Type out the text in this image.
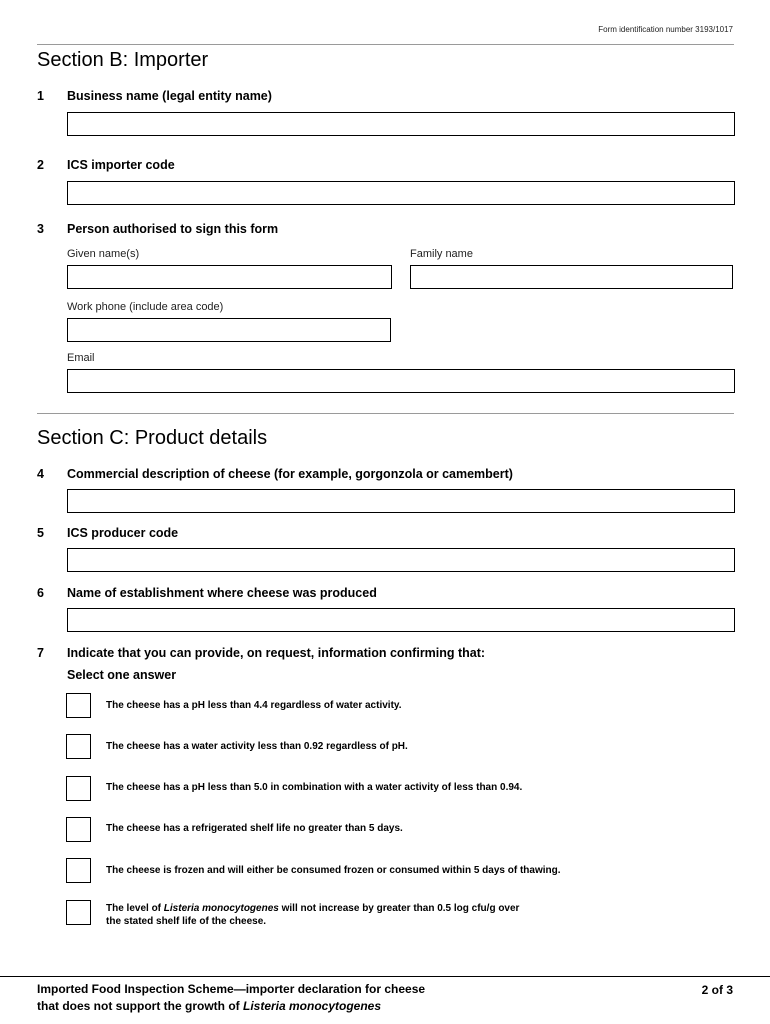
Form identification number 3193/1017
Section B: Importer
1 Business name (legal entity name)
2 ICS importer code
3 Person authorised to sign this form
Given name(s)	Family name
Work phone (include area code)
Email
Section C: Product details
4 Commercial description of cheese (for example, gorgonzola or camembert)
5 ICS producer code
6 Name of establishment where cheese was produced
7 Indicate that you can provide, on request, information confirming that:
Select one answer
The cheese has a pH less than 4.4 regardless of water activity.
The cheese has a water activity less than 0.92 regardless of pH.
The cheese has a pH less than 5.0 in combination with a water activity of less than 0.94.
The cheese has a refrigerated shelf life no greater than 5 days.
The cheese is frozen and will either be consumed frozen or consumed within 5 days of thawing.
The level of Listeria monocytogenes will not increase by greater than 0.5 log cfu/g over
the stated shelf life of the cheese.
Imported Food Inspection Scheme—importer declaration for cheese
that does not support the growth of Listeria monocytogenes
2 of 3
